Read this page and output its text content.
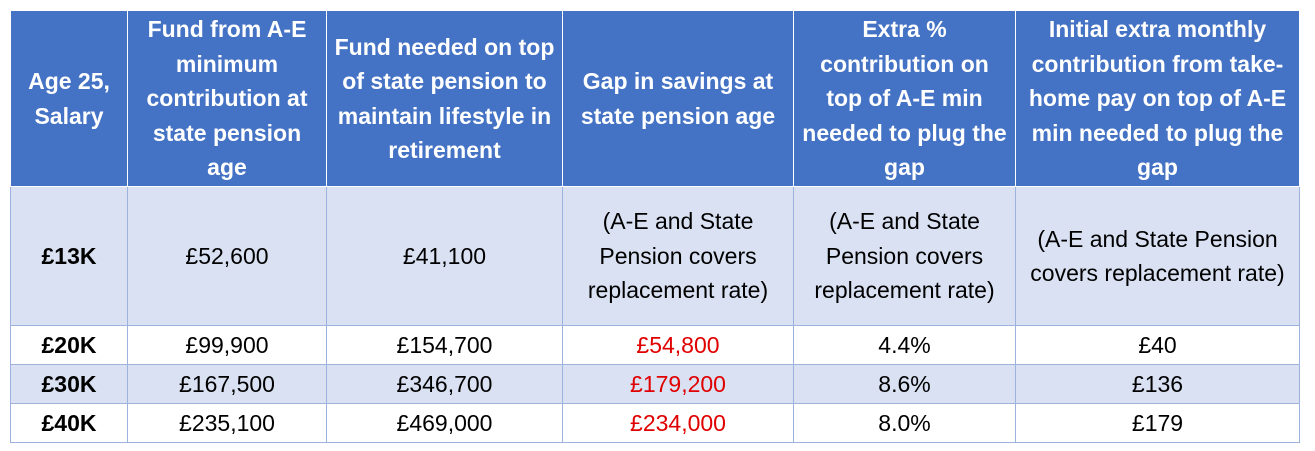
Age 25, Salary	Fund from A-E minimum contribution at state pension age	Fund needed on top of state pension to maintain lifestyle in retirement	Gap in savings at state pension age	Extra % contribution on top of A-E min needed to plug the gap	Initial extra monthly contribution from take-home pay on top of A-E min needed to plug the gap
£13K	£52,600	£41,100	(A-E and State Pension covers replacement rate)	(A-E and State Pension covers replacement rate)	(A-E and State Pension covers replacement rate)
£20K	£99,900	£154,700	£54,800	4.4%	£40
£30K	£167,500	£346,700	£179,200	8.6%	£136
£40K	£235,100	£469,000	£234,000	8.0%	£179
